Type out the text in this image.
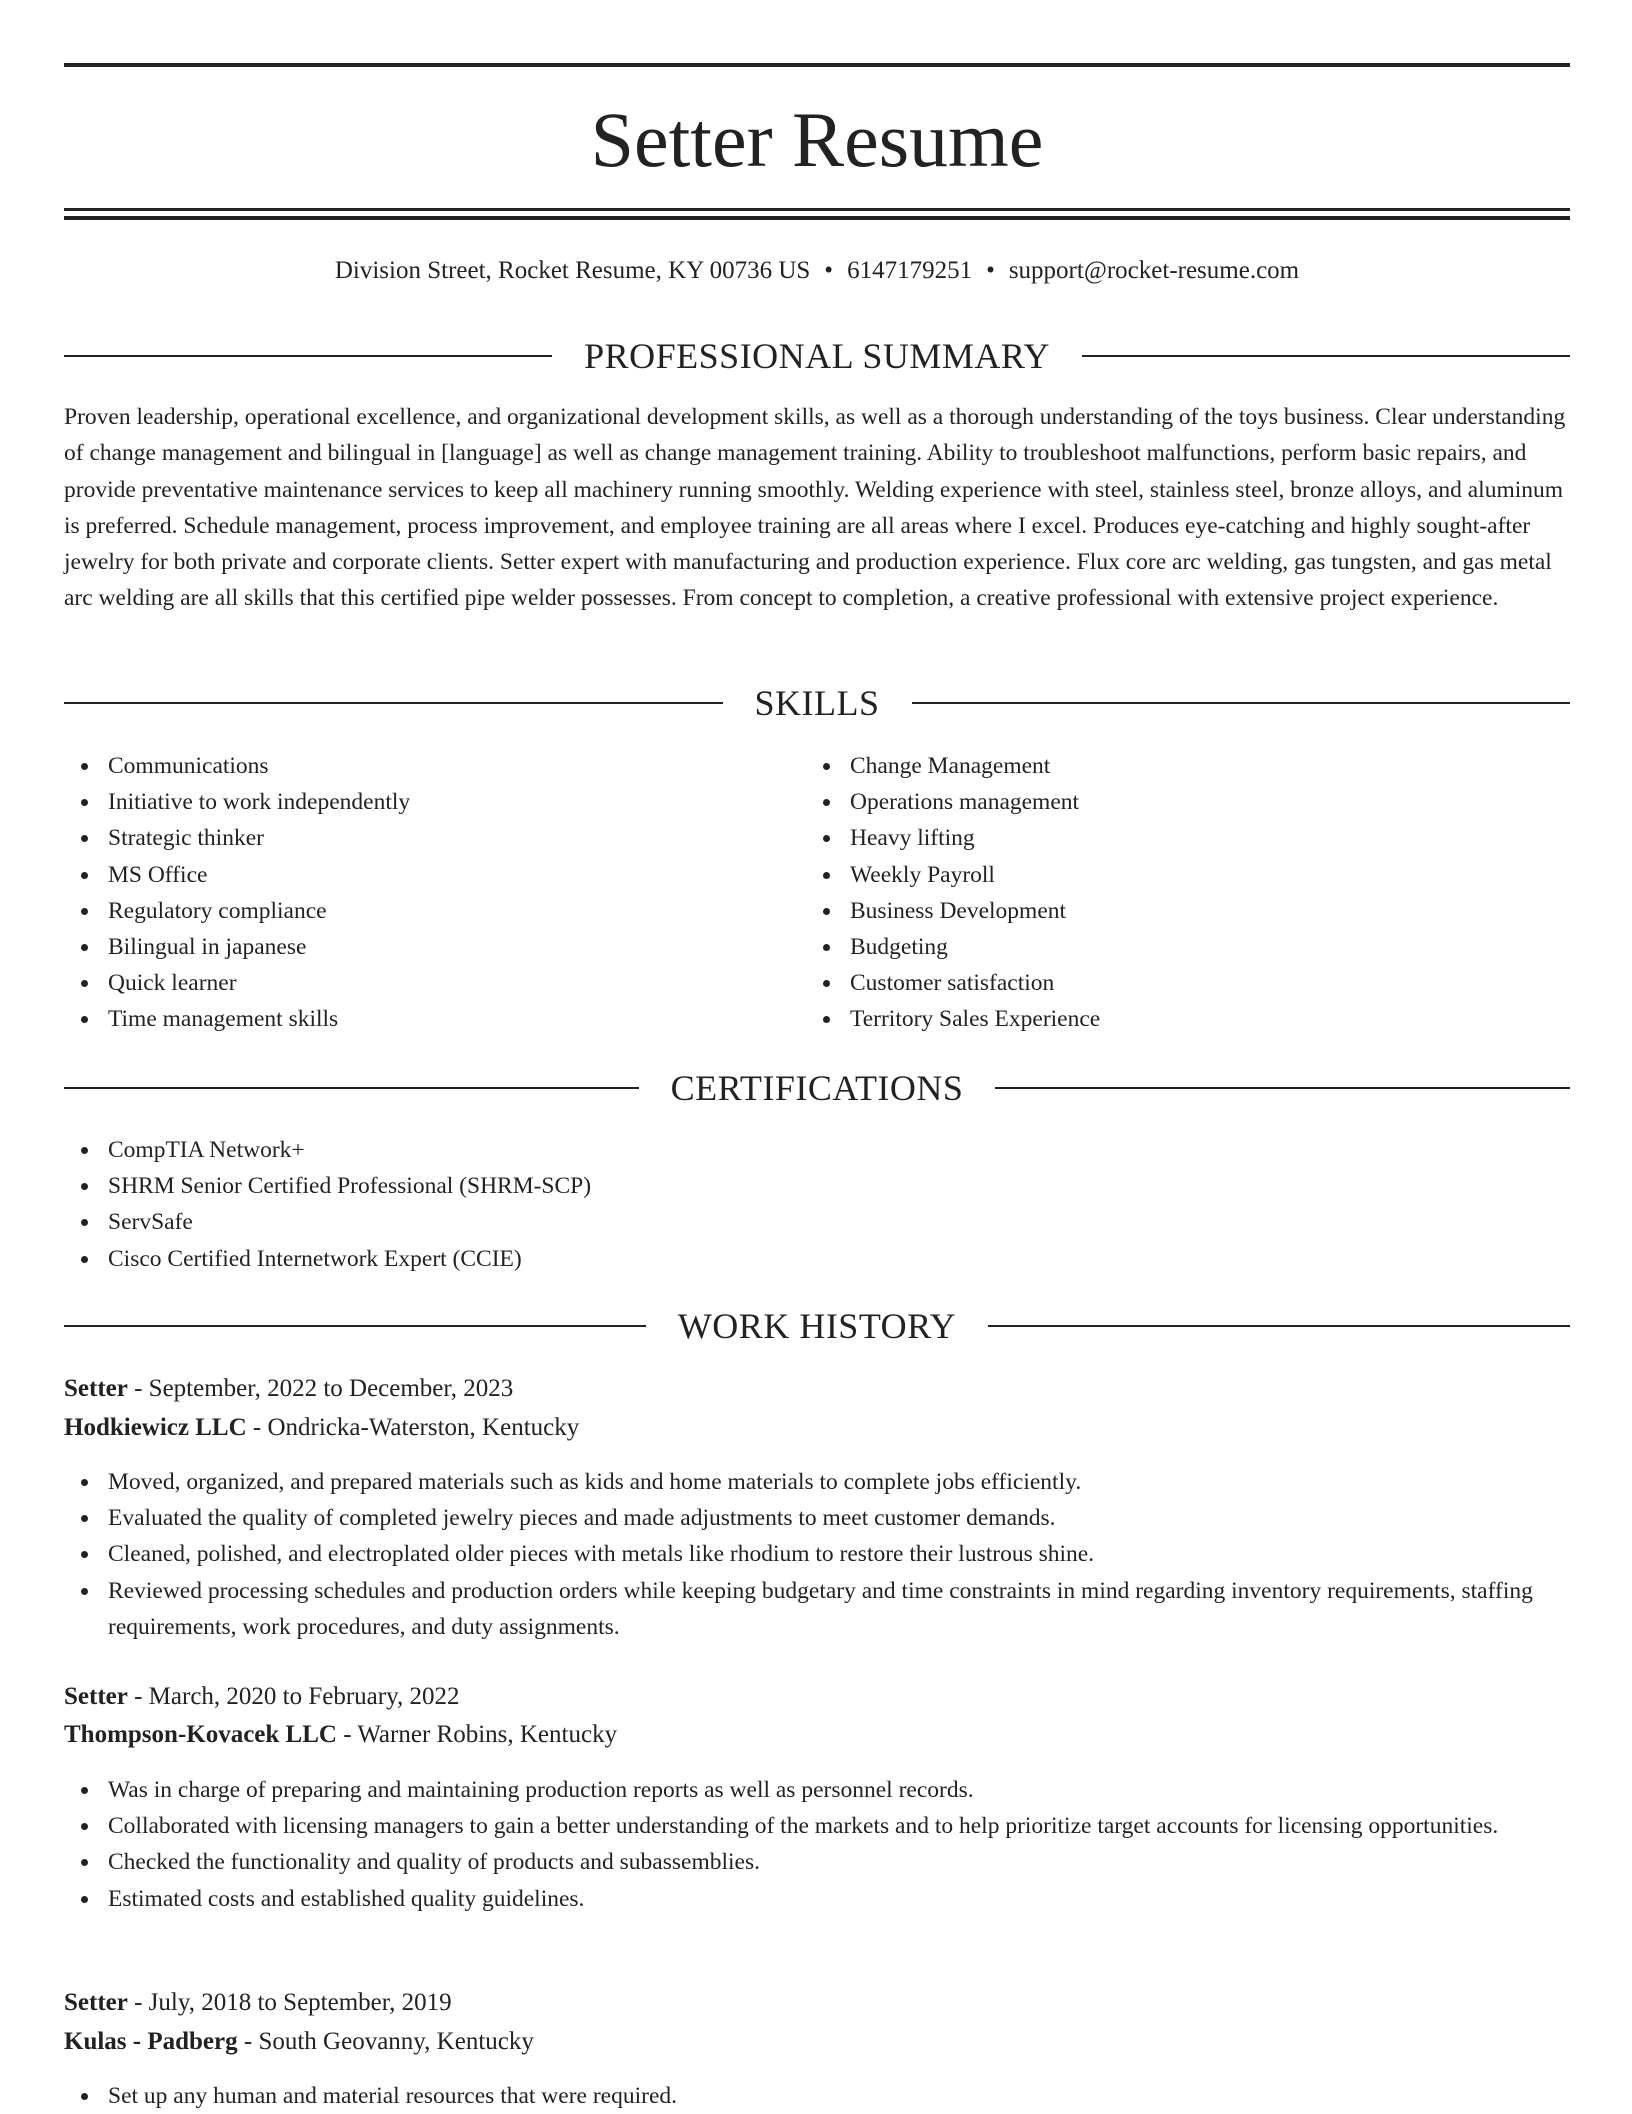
Setter Resume
Division Street, Rocket Resume, KY 00736 US • 6147179251 • support@rocket-resume.com
PROFESSIONAL SUMMARY

Proven leadership, operational excellence, and organizational development skills, as well as a thorough understanding of the toys business. Clear understanding of change management and bilingual in [language] as well as change management training. Ability to troubleshoot malfunctions, perform basic repairs, and provide preventative maintenance services to keep all machinery running smoothly. Welding experience with steel, stainless steel, bronze alloys, and aluminum is preferred. Schedule management, process improvement, and employee training are all areas where I excel. Produces eye-catching and highly sought-after jewelry for both private and corporate clients. Setter expert with manufacturing and production experience. Flux core arc welding, gas tungsten, and gas metal arc welding are all skills that this certified pipe welder possesses. From concept to completion, a creative professional with extensive project experience.

SKILLS
Communications
Initiative to work independently
Strategic thinker
MS Office
Regulatory compliance
Bilingual in japanese
Quick learner
Time management skills
Change Management
Operations management
Heavy lifting
Weekly Payroll
Business Development
Budgeting
Customer satisfaction
Territory Sales Experience
CERTIFICATIONS
CompTIA Network+
SHRM Senior Certified Professional (SHRM-SCP)
ServSafe
Cisco Certified Internetwork Expert (CCIE)
WORK HISTORY
Setter - September, 2022 to December, 2023
Hodkiewicz LLC - Ondricka-Waterston, Kentucky
Moved, organized, and prepared materials such as kids and home materials to complete jobs efficiently.
Evaluated the quality of completed jewelry pieces and made adjustments to meet customer demands.
Cleaned, polished, and electroplated older pieces with metals like rhodium to restore their lustrous shine.
Reviewed processing schedules and production orders while keeping budgetary and time constraints in mind regarding inventory requirements, staffing requirements, work procedures, and duty assignments.
Setter - March, 2020 to February, 2022
Thompson-Kovacek LLC - Warner Robins, Kentucky
Was in charge of preparing and maintaining production reports as well as personnel records.
Collaborated with licensing managers to gain a better understanding of the markets and to help prioritize target accounts for licensing opportunities.
Checked the functionality and quality of products and subassemblies.
Estimated costs and established quality guidelines.
Setter - July, 2018 to September, 2019
Kulas - Padberg - South Geovanny, Kentucky
Set up any human and material resources that were required.
